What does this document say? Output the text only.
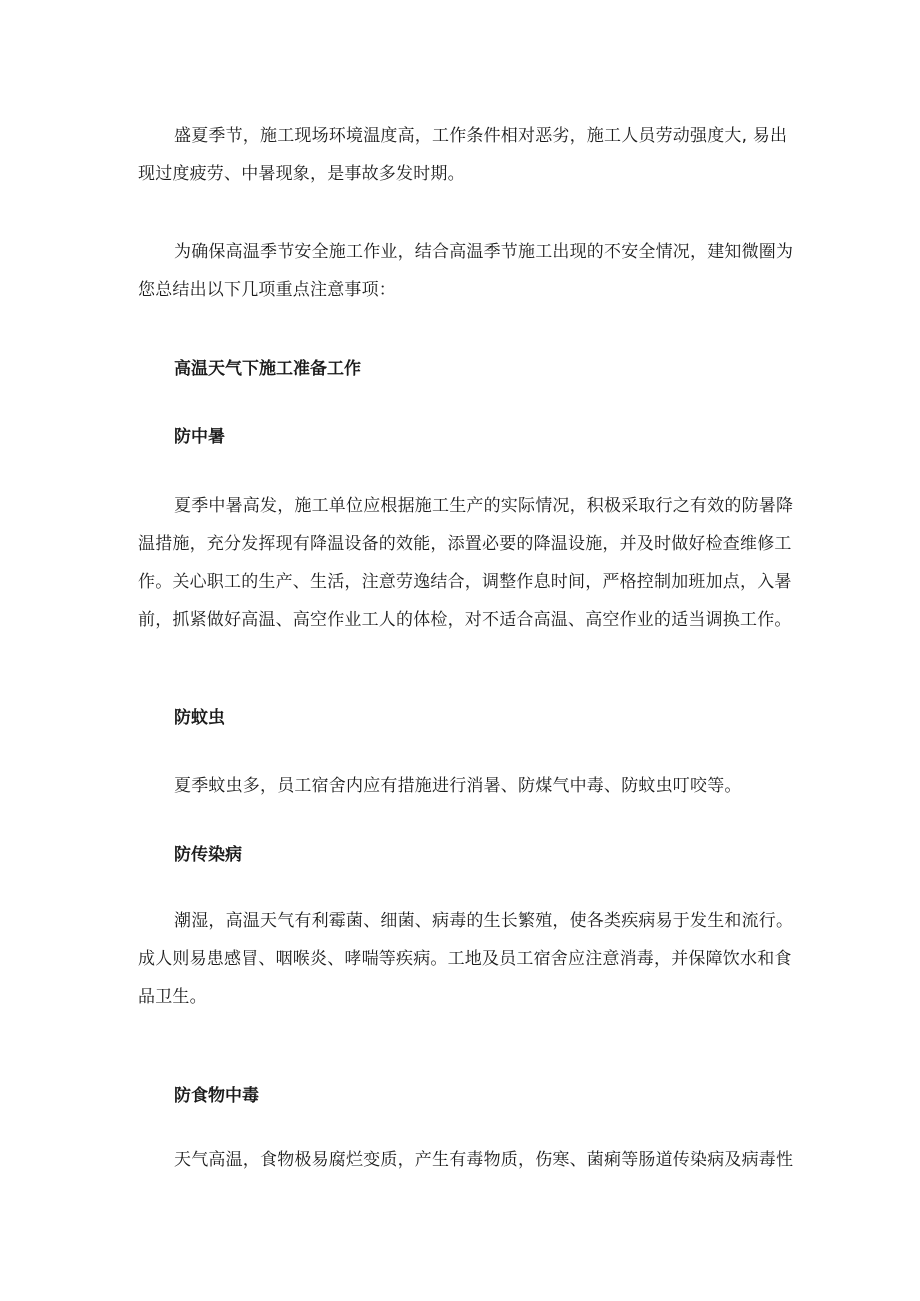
盛夏季节，施工现场环境温度高，工作条件相对恶劣，施工人员劳动强度大, 易出
现过度疲劳、中暑现象，是事故多发时期。
为确保高温季节安全施工作业，结合高温季节施工出现的不安全情况，建知微圈为
您总结出以下几项重点注意事项：
高温天气下施工准备工作
防中暑
夏季中暑高发，施工单位应根据施工生产的实际情况，积极采取行之有效的防暑降
温措施，充分发挥现有降温设备的效能，添置必要的降温设施，并及时做好检查维修工
作。关心职工的生产、生活，注意劳逸结合，调整作息时间，严格控制加班加点，入暑
前，抓紧做好高温、高空作业工人的体检，对不适合高温、高空作业的适当调换工作。
防蚊虫
夏季蚊虫多，员工宿舍内应有措施进行消暑、防煤气中毒、防蚊虫叮咬等。
防传染病
潮湿，高温天气有利霉菌、细菌、病毒的生长繁殖，使各类疾病易于发生和流行。
成人则易患感冒、咽喉炎、哮喘等疾病。工地及员工宿舍应注意消毒，并保障饮水和食
品卫生。
防食物中毒
天气高温，食物极易腐烂变质，产生有毒物质，伤寒、菌痢等肠道传染病及病毒性
